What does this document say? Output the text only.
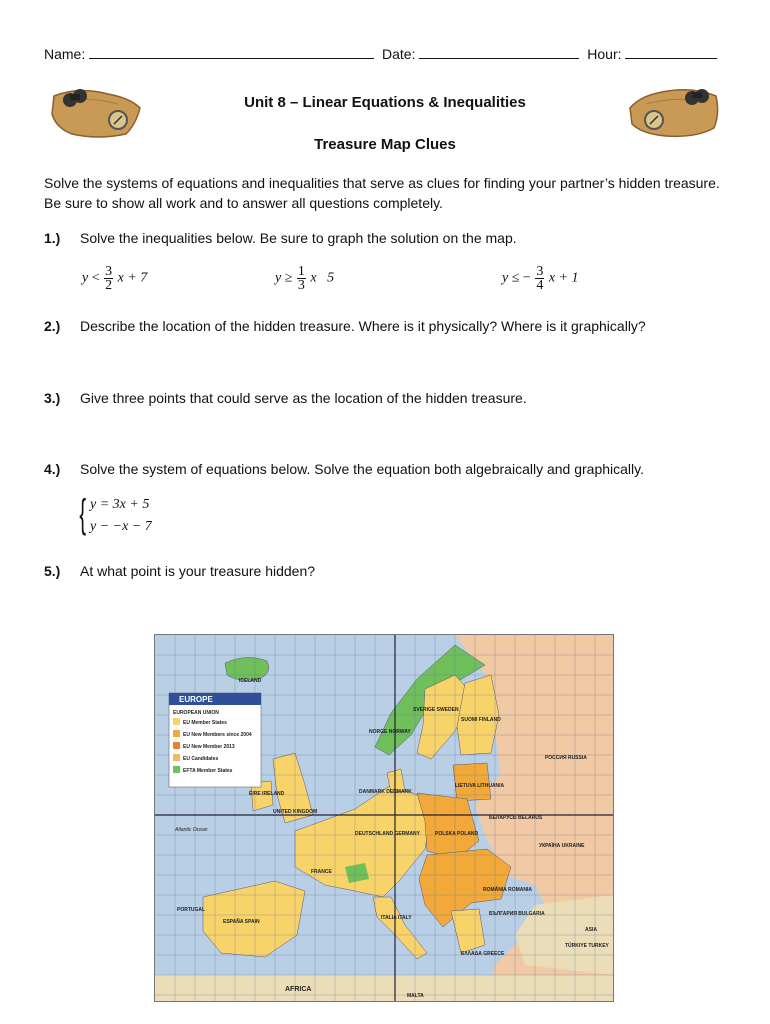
Name:	Date:	Hour:
Unit 8 – Linear Equations & Inequalities
Treasure Map Clues
Solve the systems of equations and inequalities that serve as clues for finding your partner’s hidden treasure. Be sure to show all work and to answer all questions completely.
1.) Solve the inequalities below. Be sure to graph the solution on the map.
$y < \frac{3}{2}$ x + 7	$y \ge \frac{1}{3}$ x   5	y ≤ − $\frac{3}{4}$ x + 1
2.) Describe the location of the hidden treasure. Where is it physically? Where is it graphically?
3.) Give three points that could serve as the location of the hidden treasure.
4.) Solve the system of equations below. Solve the equation both algebraically and graphically.
{ y = 3x + 5
y − −x − 7
5.) At what point is your treasure hidden?
EUROPE
EUROPEAN UNION
EU Member States
EU New Members since 2004
EU New Member 2013
EU Candidates
EFTA Member States
ICELAND
SVERIGE SWEDEN
SUOMI FINLAND
NORGE NORWAY
РОССИЯ RUSSIA
DANMARK DENMARK
LIETUVA LITHUANIA
БЕЛАРУСЬ BELARUS
ÉIRE IRELAND
UNITED KINGDOM
DEUTSCHLAND GERMANY	POLSKA POLAND
УКРАЇНА UKRAINE
FRANCE
ROMÂNIA ROMANIA
ESPAÑA SPAIN
PORTUGAL
ITALIA ITALY
БЪЛГАРИЯ BULGARIA
ASIA
TÜRKIYE TURKEY
ΕΛΛΑΔΑ GREECE
AFRICA
MALTA
Atlantic Ocean
